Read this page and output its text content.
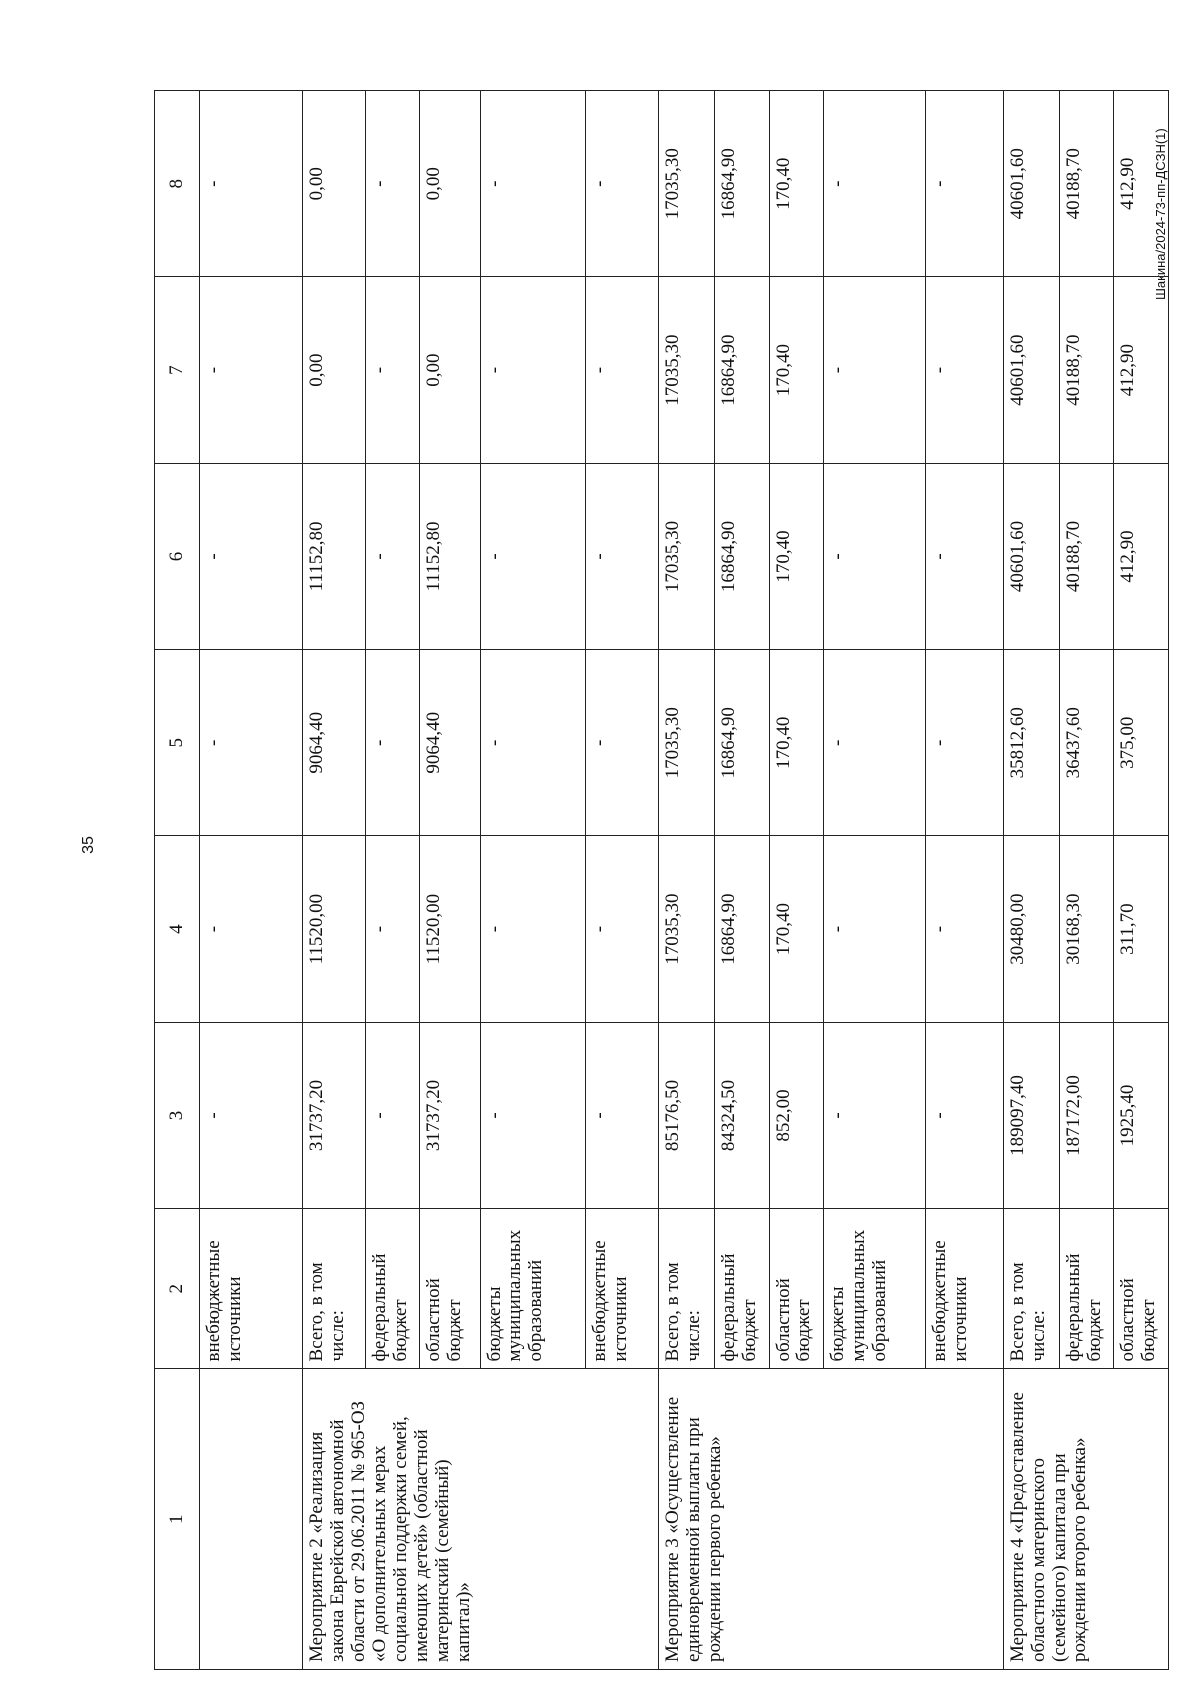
35
Шакина/2024-73-пп-ДСЗН(1)
1	2	3	4	5	6	7	8
	внебюджетные источники	-	-	-	-	-	-
Мероприятие 2 «Реализация закона Еврейской автономной области от 29.06.2011 № 965-ОЗ «О дополнительных мерах социальной поддержки семей, имеющих детей» (областной материнский (семейный) капитал)»	Всего, в том числе:	31737,20	11520,00	9064,40	11152,80	0,00	0,00
	федеральный бюджет	-	-	-	-	-	-
	областной бюджет	31737,20	11520,00	9064,40	11152,80	0,00	0,00
	бюджеты муниципальных образований	-	-	-	-	-	-
	внебюджетные источники	-	-	-	-	-	-
Мероприятие 3 «Осуществление единовременной выплаты при рождении первого ребенка»	Всего, в том числе:	85176,50	17035,30	17035,30	17035,30	17035,30	17035,30
	федеральный бюджет	84324,50	16864,90	16864,90	16864,90	16864,90	16864,90
	областной бюджет	852,00	170,40	170,40	170,40	170,40	170,40
	бюджеты муниципальных образований	-	-	-	-	-	-
	внебюджетные источники	-	-	-	-	-	-
Мероприятие 4 «Предоставление областного материнского (семейного) капитала при рождении второго ребенка»	Всего, в том числе:	189097,40	30480,00	35812,60	40601,60	40601,60	40601,60
	федеральный бюджет	187172,00	30168,30	36437,60	40188,70	40188,70	40188,70
	областной бюджет	1925,40	311,70	375,00	412,90	412,90	412,90
